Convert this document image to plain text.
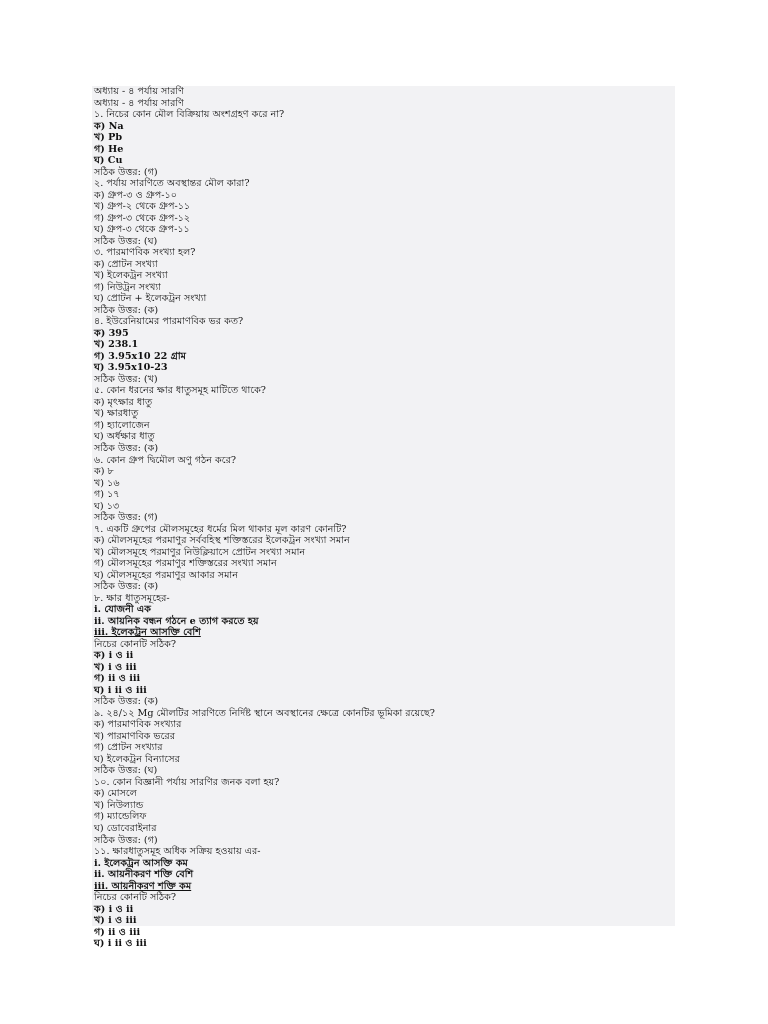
অধ্যায় - ৪ পর্যায় সারণি
অধ্যায় - ৪ পর্যায় সারণি
১. নিচের কোন মৌল বিক্রিয়ায় অংশগ্রহণ করে না?
ক) Na
খ) Pb
গ) He
ঘ) Cu
সঠিক উত্তর: (গ)
২. পর্যায় সারণিতে অবস্থান্তর মৌল কারা?
ক) গ্রুপ-৩ ও গ্রুপ-১০
খ) গ্রুপ-২ থেকে গ্রুপ-১১
গ) গ্রুপ-৩ থেকে গ্রুপ-১২
ঘ) গ্রুপ-৩ থেকে গ্রুপ-১১
সঠিক উত্তর: (ঘ)
৩. পারমাণবিক সংখ্যা হল?
ক) প্রোটন সংখ্যা
খ) ইলেকট্রন সংখ্যা
গ) নিউট্রন সংখ্যা
ঘ) প্রোটন + ইলেকট্রন সংখ্যা
সঠিক উত্তর: (ক)
৪. ইউরেনিয়ামের পারমাণবিক ভর কত?
ক) 395
খ) 238.1
গ) 3.95x10 22 গ্রাম
ঘ) 3.95x10-23
সঠিক উত্তর: (খ)
৫. কোন ধরনের ক্ষার ধাতুসমূহ মাটিতে থাকে?
ক) মৃৎক্ষার ধাতু
খ) ক্ষারধাতু
গ) হ্যালোজেন
ঘ) অর্ধক্ষার ধাতু
সঠিক উত্তর: (ক)
৬. কোন গ্রুপ দ্বিমৌল অণু গঠন করে?
ক) ৮
খ) ১৬
গ) ১৭
ঘ) ১৩
সঠিক উত্তর: (গ)
৭. একটি গ্রুপের মৌলসমূহের ধর্মের মিল থাকার মূল কারণ কোনটি?
ক) মৌলসমূহের পরমাণুর সর্ববহিস্থ শক্তিস্তরের ইলেকট্রন সংখ্যা সমান
খ) মৌলসমূহে পরমাণুর নিউক্লিয়াসে প্রোটন সংখ্যা সমান
গ) মৌলসমূহের পরমাণুর শক্তিস্তরের সংখ্যা সমান
ঘ) মৌলসমূহের পরমাণুর আকার সমান
সঠিক উত্তর: (ক)
৮. ক্ষার ধাতুসমূহের-
i. যোজনী এক
ii. আয়নিক বন্ধন গঠনে e ত্যাগ করতে হয়
iii. ইলেকট্রন আসক্তি বেশি
নিচের কোনটি সঠিক?
ক) i ও ii
খ) i ও iii
গ) ii ও iii
ঘ) i ii ও iii
সঠিক উত্তর: (ক)
৯. ২৪/১২ Mg মৌলটির সারণিতে নির্দিষ্ট স্থানে অবস্থানের ক্ষেত্রে কোনটির ভূমিকা রয়েছে?
ক) পারমাণবিক সংখ্যার
খ) পারমাণবিক ভরের
গ) প্রোটন সংখ্যার
ঘ) ইলেকট্রন বিন্যাসের
সঠিক উত্তর: (ঘ)
১০. কোন বিজ্ঞানী পর্যায় সারণির জনক বলা হয়?
ক) মোসলে
খ) নিউল্যান্ড
গ) ম্যান্ডেলিফ
ঘ) ডোবেরাইনার
সঠিক উত্তর: (গ)
১১. ক্ষারধাতুসমূহ অধিক সক্রিয় হওয়ায় এর-
i. ইলেকট্রন আসক্তি কম
ii. আয়নীকরণ শক্তি বেশি
iii. আয়নীকরণ শক্তি কম
নিচের কোনটি সঠিক?
ক) i ও ii
খ) i ও iii
গ) ii ও iii
ঘ) i ii ও iii
